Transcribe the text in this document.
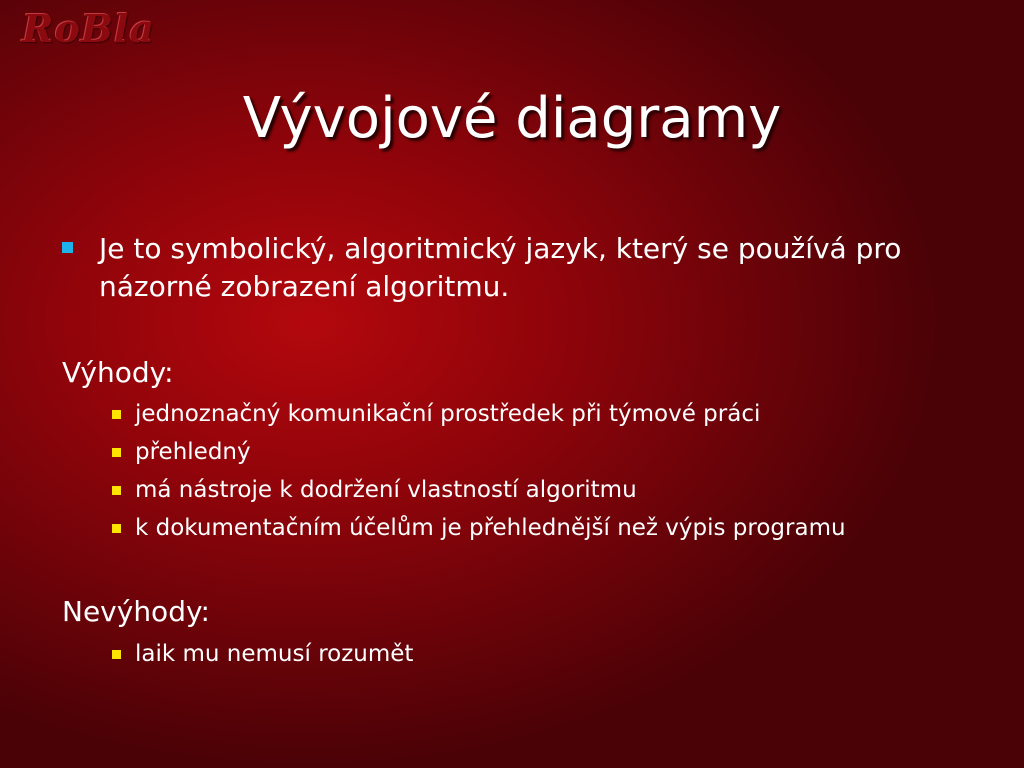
RoBla
Vývojové diagramy
Je to symbolický, algoritmický jazyk, který se používá pro názorné zobrazení algoritmu.
Výhody:
jednoznačný komunikační prostředek při týmové práci
přehledný
má nástroje k dodržení vlastností algoritmu
k dokumentačním účelům je přehlednější než výpis programu
Nevýhody:
laik mu nemusí rozumět
